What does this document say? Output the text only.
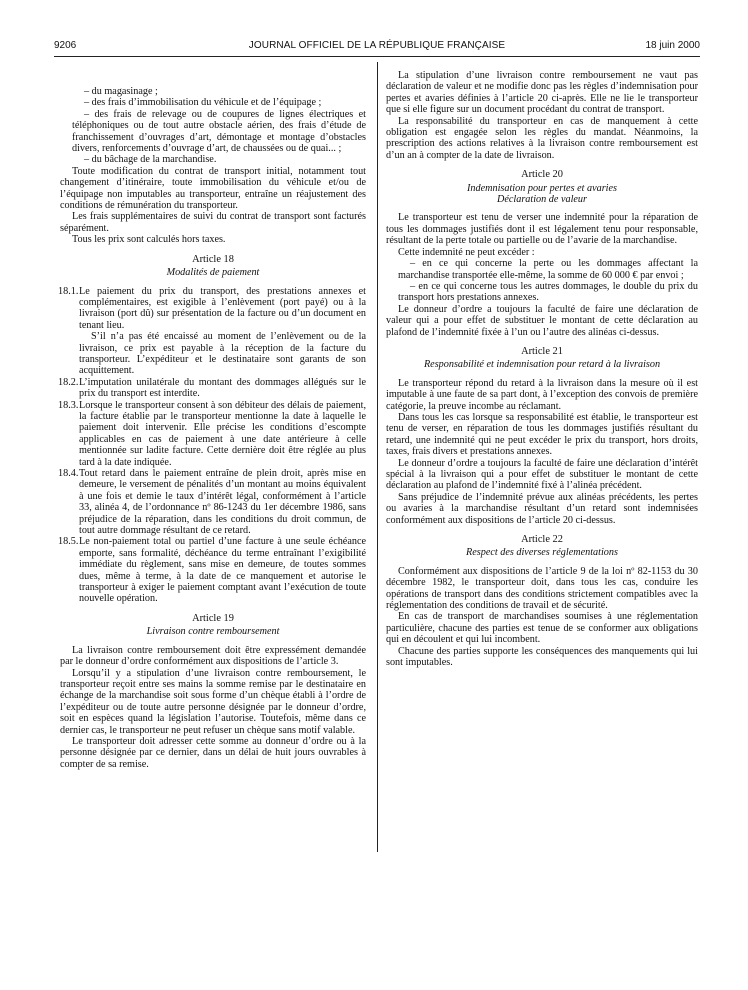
9206	JOURNAL OFFICIEL DE LA RÉPUBLIQUE FRANÇAISE	18 juin 2000

– du magasinage ;

– des frais d’immobilisation du véhicule et de l’équipage ;

– des frais de relevage ou de coupures de lignes électriques et téléphoniques ou de tout autre obstacle aérien, des frais d’étude de franchissement d’ouvrages d’art, démontage et montage d’obstacles divers, renforcements d’ouvrage d’art, de chaussées ou de quai... ;

– du bâchage de la marchandise.

Toute modification du contrat de transport initial, notamment tout changement d’itinéraire, toute immobilisation du véhicule et/ou de l’équipage non imputables au transporteur, entraîne un réajustement des conditions de rémunération du transporteur.

Les frais supplémentaires de suivi du contrat de transport sont facturés séparément.

Tous les prix sont calculés hors taxes.

Article 18
Modalités de paiement
18.1. Le paiement du prix du transport, des prestations annexes et complémentaires, est exigible à l’enlèvement (port payé) ou à la livraison (port dû) sur présentation de la facture ou d’un document en tenant lieu.

S’il n’a pas été encaissé au moment de l’enlèvement ou de la livraison, ce prix est payable à la réception de la facture du transporteur. L’expéditeur et le destinataire sont garants de son acquittement.

18.2. L’imputation unilatérale du montant des dommages allégués sur le prix du transport est interdite.

18.3. Lorsque le transporteur consent à son débiteur des délais de paiement, la facture établie par le transporteur mentionne la date à laquelle le paiement doit intervenir. Elle précise les conditions d’escompte applicables en cas de paiement à une date antérieure à celle mentionnée sur ladite facture. Cette dernière doit être réglée au plus tard à la date indiquée.

18.4. Tout retard dans le paiement entraîne de plein droit, après mise en demeure, le versement de pénalités d’un montant au moins équivalent à une fois et demie le taux d’intérêt légal, conformément à l’article 33, alinéa 4, de l’ordonnance nº 86-1243 du 1er décembre 1986, sans préjudice de la réparation, dans les conditions du droit commun, de tout autre dommage résultant de ce retard.

18.5. Le non-paiement total ou partiel d’une facture à une seule échéance emporte, sans formalité, déchéance du terme entraînant l’exigibilité immédiate du règlement, sans mise en demeure, de toutes sommes dues, même à terme, à la date de ce manquement et autorise le transporteur à exiger le paiement comptant avant l’exécution de toute nouvelle opération.

Article 19
Livraison contre remboursement

La livraison contre remboursement doit être expressément demandée par le donneur d’ordre conformément aux dispositions de l’article 3.

Lorsqu’il y a stipulation d’une livraison contre remboursement, le transporteur reçoit entre ses mains la somme remise par le destinataire en échange de la marchandise soit sous forme d’un chèque établi à l’ordre de l’expéditeur ou de toute autre personne désignée par le donneur d’ordre, soit en espèces quand la législation l’autorise. Toutefois, même dans ce dernier cas, le transporteur ne peut refuser un chèque sans motif valable.

Le transporteur doit adresser cette somme au donneur d’ordre ou à la personne désignée par ce dernier, dans un délai de huit jours ouvrables à compter de sa remise.

La stipulation d’une livraison contre remboursement ne vaut pas déclaration de valeur et ne modifie donc pas les règles d’indemnisation pour pertes et avaries définies à l’article 20 ci-après. Elle ne lie le transporteur que si elle figure sur un document procédant du contrat de transport.

La responsabilité du transporteur en cas de manquement à cette obligation est engagée selon les règles du mandat. Néanmoins, la prescription des actions relatives à la livraison contre remboursement est d’un an à compter de la date de livraison.

Article 20
Indemnisation pour pertes et avaries
Déclaration de valeur

Le transporteur est tenu de verser une indemnité pour la réparation de tous les dommages justifiés dont il est légalement tenu pour responsable, résultant de la perte totale ou partielle ou de l’avarie de la marchandise.

Cette indemnité ne peut excéder :

– en ce qui concerne la perte ou les dommages affectant la marchandise transportée elle-même, la somme de 60 000 € par envoi ;

– en ce qui concerne tous les autres dommages, le double du prix du transport hors prestations annexes.

Le donneur d’ordre a toujours la faculté de faire une déclaration de valeur qui a pour effet de substituer le montant de cette déclaration au plafond de l’indemnité fixée à l’un ou l’autre des alinéas ci-dessus.

Article 21
Responsabilité et indemnisation pour retard à la livraison

Le transporteur répond du retard à la livraison dans la mesure où il est imputable à une faute de sa part dont, à l’exception des convois de première catégorie, la preuve incombe au réclamant.

Dans tous les cas lorsque sa responsabilité est établie, le transporteur est tenu de verser, en réparation de tous les dommages justifiés résultant du retard, une indemnité qui ne peut excéder le prix du transport, hors droits, taxes, frais divers et prestations annexes.

Le donneur d’ordre a toujours la faculté de faire une déclaration d’intérêt spécial à la livraison qui a pour effet de substituer le montant de cette déclaration au plafond de l’indemnité fixé à l’alinéa précédent.

Sans préjudice de l’indemnité prévue aux alinéas précédents, les pertes ou avaries à la marchandise résultant d’un retard sont indemnisées conformément aux dispositions de l’article 20 ci-dessus.

Article 22
Respect des diverses réglementations

Conformément aux dispositions de l’article 9 de la loi nº 82-1153 du 30 décembre 1982, le transporteur doit, dans tous les cas, conduire les opérations de transport dans des conditions strictement compatibles avec la réglementation des conditions de travail et de sécurité.

En cas de transport de marchandises soumises à une réglementation particulière, chacune des parties est tenue de se conformer aux obligations qui en découlent et qui lui incombent.

Chacune des parties supporte les conséquences des manquements qui lui sont imputables.
